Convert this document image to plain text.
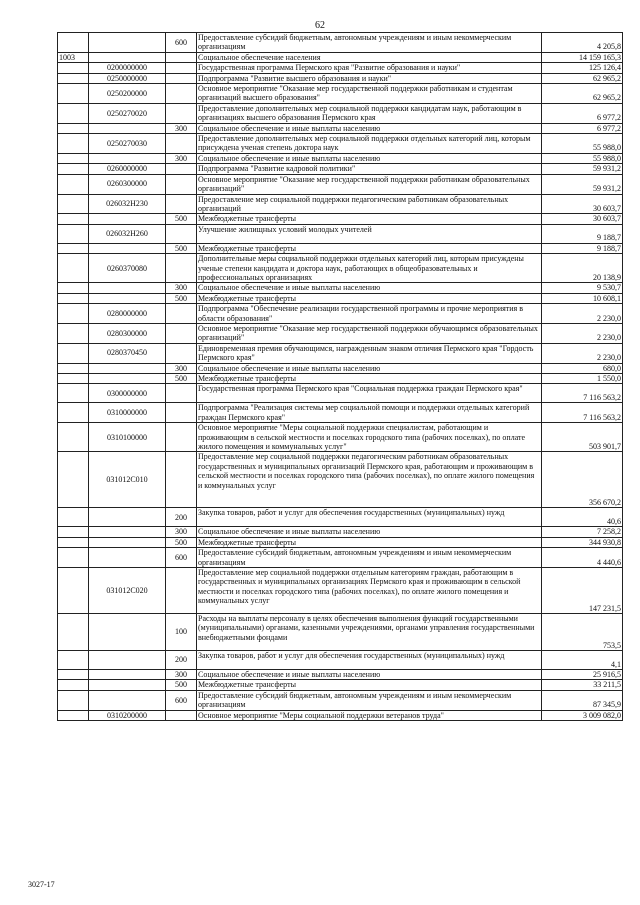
62
		600	Предоставление субсидий бюджетным, автономным учреждениям и иным некоммерческим организациям	4 205,8
1003			Социальное обеспечение населения	14 159 165,3
	0200000000		Государственная программа Пермского края "Развитие образования и науки"	125 126,4
	0250000000		Подпрограмма "Развитие высшего образования и науки"	62 965,2
	0250200000		Основное мероприятие "Оказание мер государственной поддержки работникам и студентам организаций высшего образования"	62 965,2
	0250270020		Предоставление дополнительных мер социальной поддержки кандидатам наук, работающим в организациях высшего образования Пермского края	6 977,2
		300	Социальное обеспечение и иные выплаты населению	6 977,2
	0250270030		Предоставление дополнительных мер социальной поддержки отдельных категорий лиц, которым присуждена ученая степень доктора наук	55 988,0
		300	Социальное обеспечение и иные выплаты населению	55 988,0
	0260000000		Подпрограмма "Развитие кадровой политики"	59 931,2
	0260300000		Основное мероприятие "Оказание мер государственной поддержки работникам образовательных организаций"	59 931,2
	026032Н230		Предоставление мер социальной поддержки педагогическим работникам образовательных организаций	30 603,7
		500	Межбюджетные трансферты	30 603,7
	026032Н260		Улучшение жилищных условий молодых учителей	9 188,7
		500	Межбюджетные трансферты	9 188,7
	0260370080		Дополнительные меры социальной поддержки отдельных категорий лиц, которым присуждены ученые степени кандидата и доктора наук, работающих в общеобразовательных и профессиональных организациях	20 138,9
		300	Социальное обеспечение и иные выплаты населению	9 530,7
		500	Межбюджетные трансферты	10 608,1
	0280000000		Подпрограмма "Обеспечение реализации государственной программы и прочие мероприятия в области образования"	2 230,0
	0280300000		Основное мероприятие "Оказание мер государственной поддержки обучающимся образовательных организаций"	2 230,0
	0280370450		Единовременная премия обучающимся, награжденным знаком отличия Пермского края "Гордость Пермского края"	2 230,0
		300	Социальное обеспечение и иные выплаты населению	680,0
		500	Межбюджетные трансферты	1 550,0
	0300000000		Государственная программа Пермского края "Социальная поддержка граждан Пермского края"	7 116 563,2
	0310000000		Подпрограмма "Реализация системы мер социальной помощи и поддержки отдельных категорий граждан Пермского края"	7 116 563,2
	0310100000		Основное мероприятие "Меры социальной поддержки специалистам, работающим и проживающим в сельской местности и поселках городского типа (рабочих поселках), по оплате жилого помещения и коммунальных услуг"	503 901,7
	031012С010		Предоставление мер социальной поддержки педагогическим работникам образовательных государственных и муниципальных организаций Пермского края, работающим и проживающим в сельской местности и поселках городского типа (рабочих поселках), по оплате жилого помещения и коммунальных услуг	356 670,2
		200	Закупка товаров, работ и услуг для обеспечения государственных (муниципальных) нужд	40,6
		300	Социальное обеспечение и иные выплаты населению	7 258,2
		500	Межбюджетные трансферты	344 930,8
		600	Предоставление субсидий бюджетным, автономным учреждениям и иным некоммерческим организациям	4 440,6
	031012С020		Предоставление мер социальной поддержки отдельным категориям граждан, работающим в государственных и муниципальных организациях Пермского края и проживающим в сельской местности и поселках городского типа (рабочих поселках), по оплате жилого помещения и коммунальных услуг	147 231,5
		100	Расходы на выплаты персоналу в целях обеспечения выполнения функций государственными (муниципальными) органами, казенными учреждениями, органами управления государственными внебюджетными фондами	753,5
		200	Закупка товаров, работ и услуг для обеспечения государственных (муниципальных) нужд	4,1
		300	Социальное обеспечение и иные выплаты населению	25 916,5
		500	Межбюджетные трансферты	33 211,5
		600	Предоставление субсидий бюджетным, автономным учреждениям и иным некоммерческим организациям	87 345,9
	0310200000		Основное мероприятие "Меры социальной поддержки ветеранов труда"	3 009 082,0
3027-17
